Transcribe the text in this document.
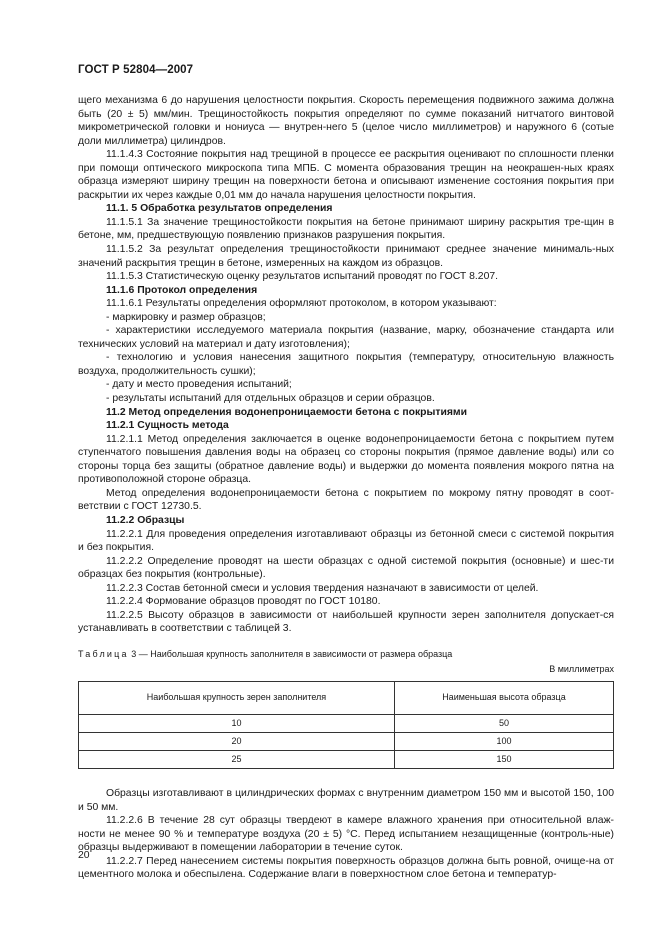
ГОСТ Р 52804—2007

щего механизма 6 до нарушения целостности покрытия. Скорость перемещения подвижного зажима должна быть (20 ± 5) мм/мин. Трещиностойкость покрытия определяют по сумме показаний нитчатого винтовой микрометрической головки и нониуса — внутрен-него 5 (целое число миллиметров) и наружного 6 (сотые доли миллиметра) цилиндров.

11.1.4.3 Состояние покрытия над трещиной в процессе ее раскрытия оценивают по сплошности пленки при помощи оптического микроскопа типа МПБ. С момента образования трещин на неокрашен-ных краях образца измеряют ширину трещин на поверхности бетона и описывают изменение состояния покрытия при раскрытии их через каждые 0,01 мм до начала нарушения целостности покрытия.

11.1. 5 Обработка результатов определения

11.1.5.1 За значение трещиностойкости покрытия на бетоне принимают ширину раскрытия тре-щин в бетоне, мм, предшествующую появлению признаков разрушения покрытия.

11.1.5.2 За результат определения трещиностойкости принимают среднее значение минималь-ных значений раскрытия трещин в бетоне, измеренных на каждом из образцов.

11.1.5.3 Статистическую оценку результатов испытаний проводят по ГОСТ 8.207.

11.1.6 Протокол определения

11.1.6.1 Результаты определения оформляют протоколом, в котором указывают:

- маркировку и размер образцов;

- характеристики исследуемого материала покрытия (название, марку, обозначение стандарта или технических условий на материал и дату изготовления);

- технологию и условия нанесения защитного покрытия (температуру, относительную влажность воздуха, продолжительность сушки);

- дату и место проведения испытаний;

- результаты испытаний для отдельных образцов и серии образцов.

11.2 Метод определения водонепроницаемости бетона с покрытиями

11.2.1 Сущность метода

11.2.1.1 Метод определения заключается в оценке водонепроницаемости бетона с покрытием путем ступенчатого повышения давления воды на образец со стороны покрытия (прямое давление воды) или со стороны торца без защиты (обратное давление воды) и выдержки до момента появления мокрого пятна на противоположной стороне образца.

Метод определения водонепроницаемости бетона с покрытием по мокрому пятну проводят в соот-ветствии с ГОСТ 12730.5.

11.2.2 Образцы

11.2.2.1 Для проведения определения изготавливают образцы из бетонной смеси с системой покрытия и без покрытия.

11.2.2.2 Определение проводят на шести образцах с одной системой покрытия (основные) и шес-ти образцах без покрытия (контрольные).

11.2.2.3 Состав бетонной смеси и условия твердения назначают в зависимости от целей.

11.2.2.4 Формование образцов проводят по ГОСТ 10180.

11.2.2.5 Высоту образцов в зависимости от наибольшей крупности зерен заполнителя допускает-ся устанавливать в соответствии с таблицей 3.

Таблица 3 — Наибольшая крупность заполнителя в зависимости от размера образца

В миллиметрах

Наибольшая крупность зерен заполнителя	Наименьшая высота образца
10	50
20	100
25	150

Образцы изготавливают в цилиндрических формах с внутренним диаметром 150 мм и высотой 150, 100 и 50 мм.

11.2.2.6 В течение 28 сут образцы твердеют в камере влажного хранения при относительной влаж-ности не менее 90 % и температуре воздуха (20 ± 5) °С. Перед испытанием незащищенные (контроль-ные) образцы выдерживают в помещении лаборатории в течение суток.

11.2.2.7 Перед нанесением системы покрытия поверхность образцов должна быть ровной, очище-на от цементного молока и обеспылена. Содержание влаги в поверхностном слое бетона и температур-

20
